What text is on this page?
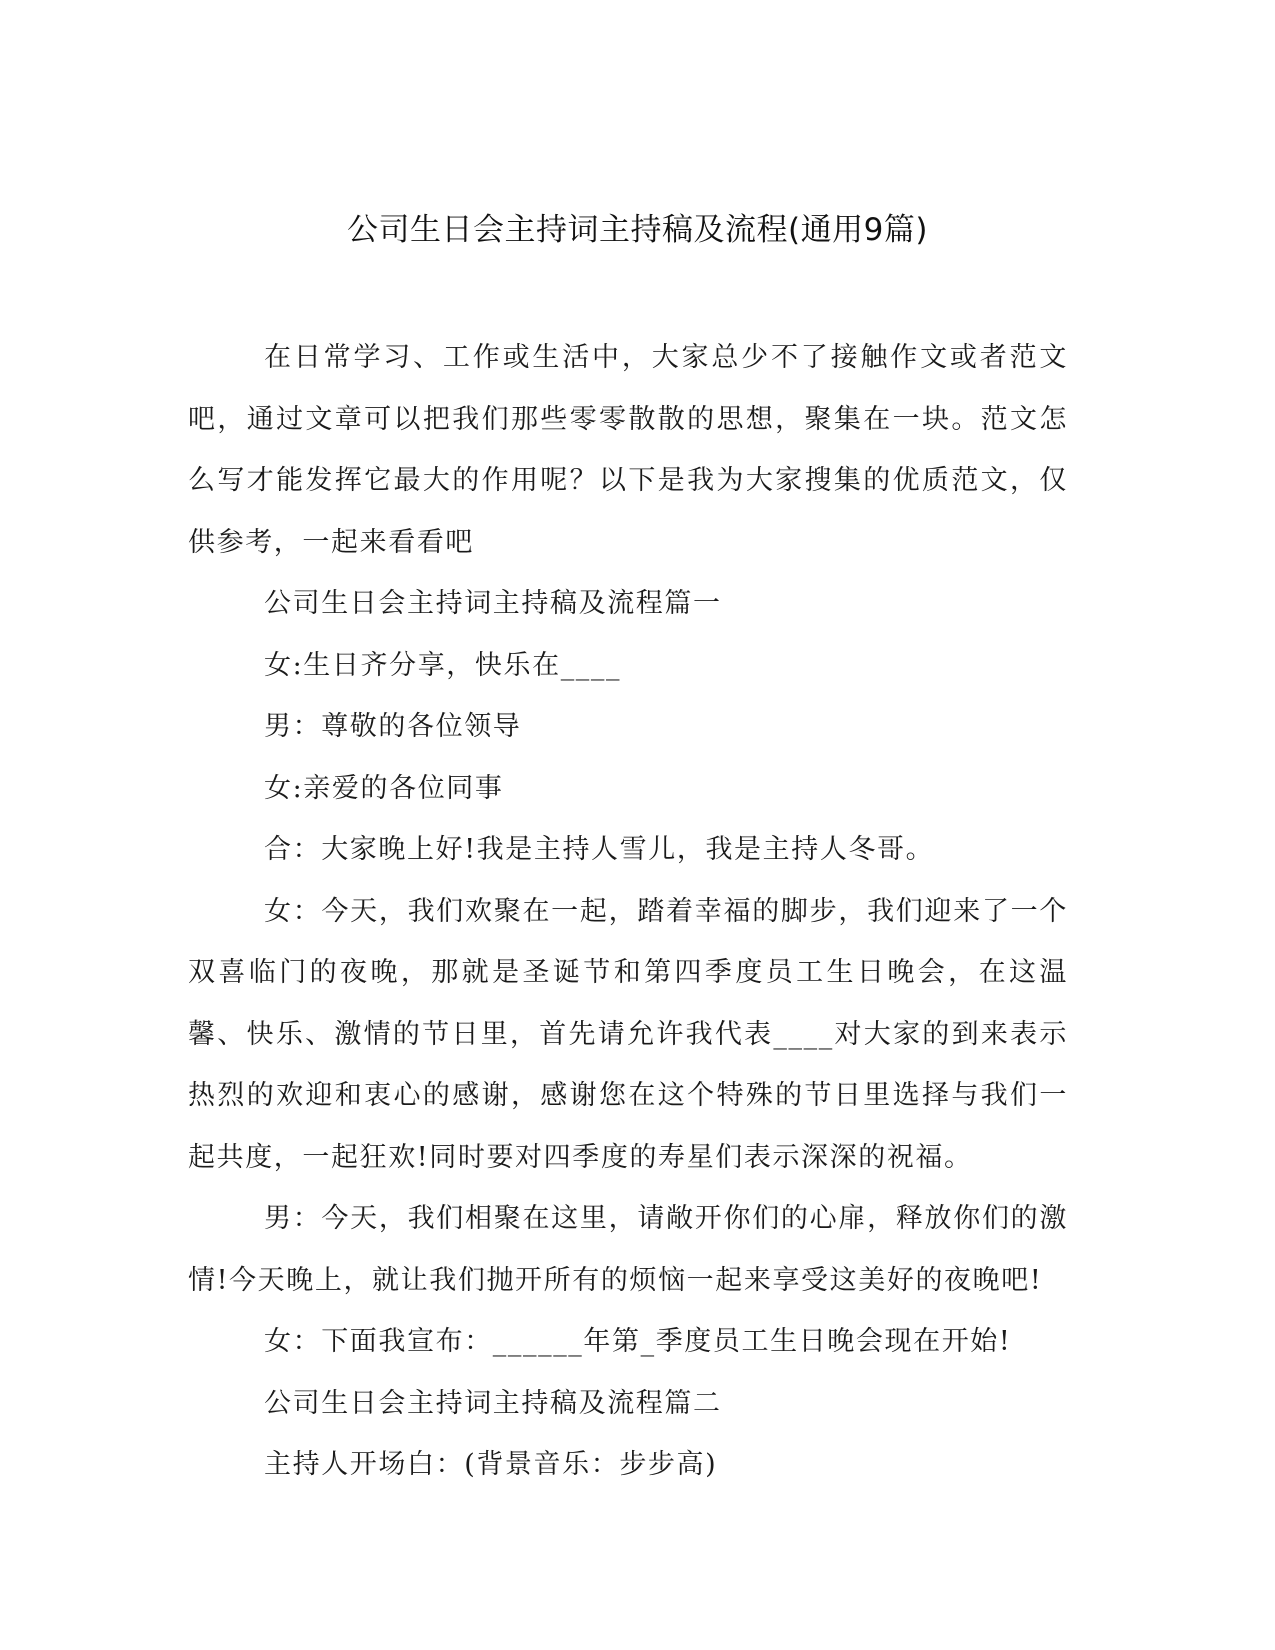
公司生日会主持词主持稿及流程(通用9篇)

在日常学习、工作或生活中，大家总少不了接触作文或者范文吧，通过文章可以把我们那些零零散散的思想，聚集在一块。范文怎么写才能发挥它最大的作用呢？以下是我为大家搜集的优质范文，仅供参考，一起来看看吧

公司生日会主持词主持稿及流程篇一

女:生日齐分享，快乐在____

男：尊敬的各位领导

女:亲爱的各位同事

合：大家晚上好!我是主持人雪儿，我是主持人冬哥。

女：今天，我们欢聚在一起，踏着幸福的脚步，我们迎来了一个双喜临门的夜晚，那就是圣诞节和第四季度员工生日晚会，在这温馨、快乐、激情的节日里，首先请允许我代表____对大家的到来表示热烈的欢迎和衷心的感谢，感谢您在这个特殊的节日里选择与我们一起共度，一起狂欢!同时要对四季度的寿星们表示深深的祝福。

男：今天，我们相聚在这里，请敞开你们的心扉，释放你们的激情!今天晚上，就让我们抛开所有的烦恼一起来享受这美好的夜晚吧!

女：下面我宣布：______年第_季度员工生日晚会现在开始!

公司生日会主持词主持稿及流程篇二

主持人开场白：(背景音乐：步步高)
